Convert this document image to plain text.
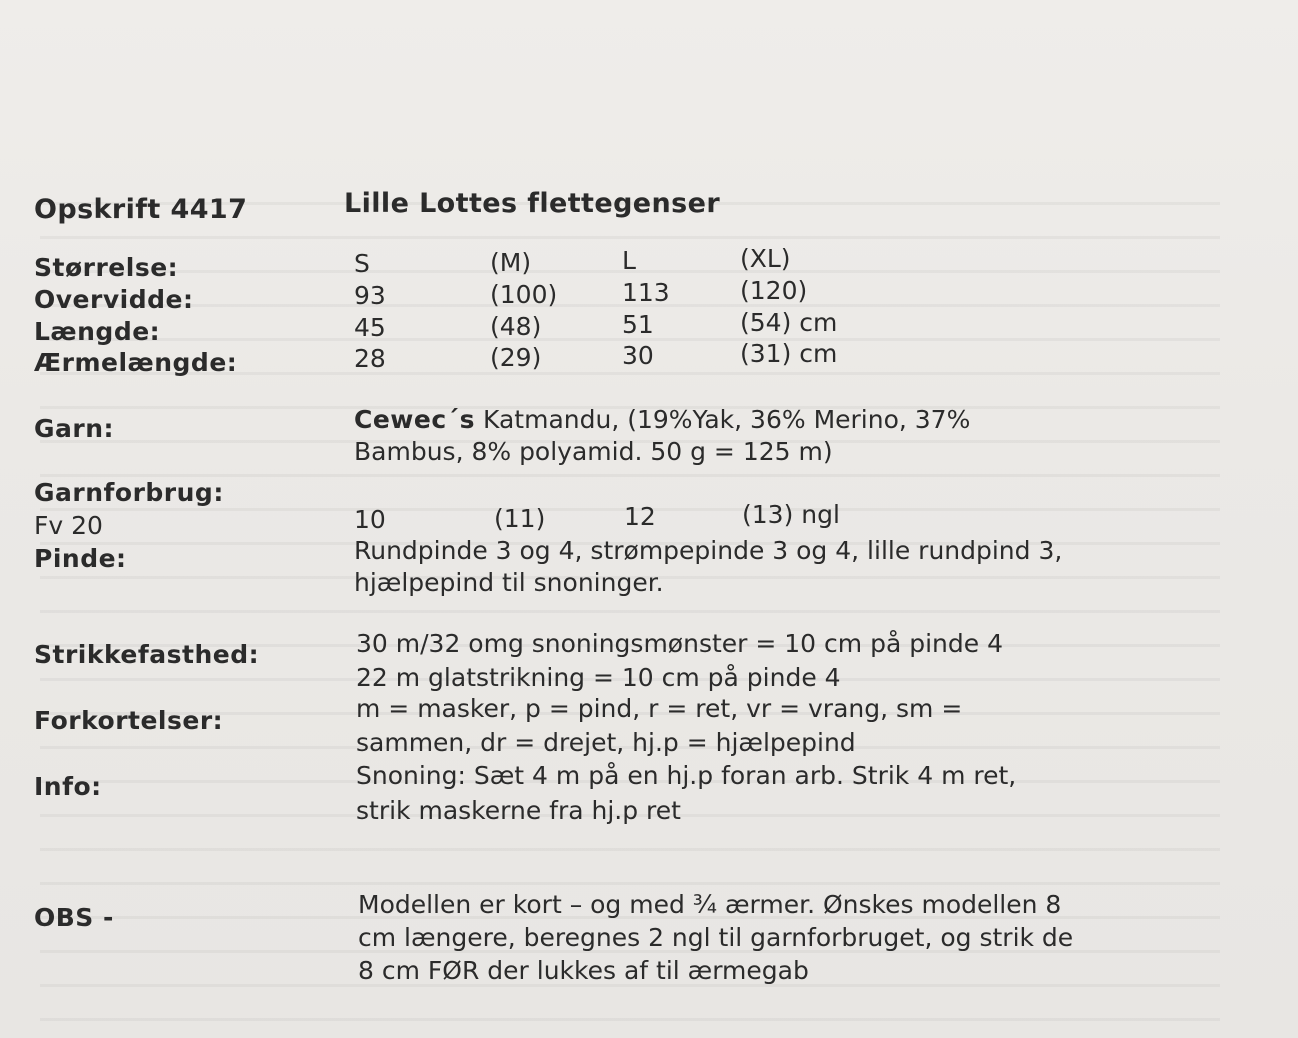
Opskrift 4417	Lille Lottes flettegenser
Størrelse:	S	(M)	L	(XL)
Overvidde:	93	(100)	113	(120)
Længde:	45	(48)	51	(54) cm
Ærmelængde:	28	(29)	30	(31) cm
Garn:	Cewec´s Katmandu, (19%Yak, 36% Merino, 37%
Bambus, 8% polyamid. 50 g = 125 m)
Garnforbrug:
Fv 20	10	(11)	12	(13) ngl
Pinde:	Rundpinde 3 og 4, strømpepinde 3 og 4, lille rundpind 3,
hjælpepind til snoninger.
Strikkefasthed:	30 m/32 omg snoningsmønster = 10 cm på pinde 4
22 m glatstrikning = 10 cm på pinde 4
Forkortelser:	m = masker, p = pind, r = ret, vr = vrang, sm =
sammen, dr = drejet, hj.p = hjælpepind
Info:	Snoning: Sæt 4 m på en hj.p foran arb. Strik 4 m ret,
strik maskerne fra hj.p ret
OBS -	Modellen er kort – og med ¾ ærmer. Ønskes modellen 8
cm længere, beregnes 2 ngl til garnforbruget, og strik de
8 cm FØR der lukkes af til ærmegab
